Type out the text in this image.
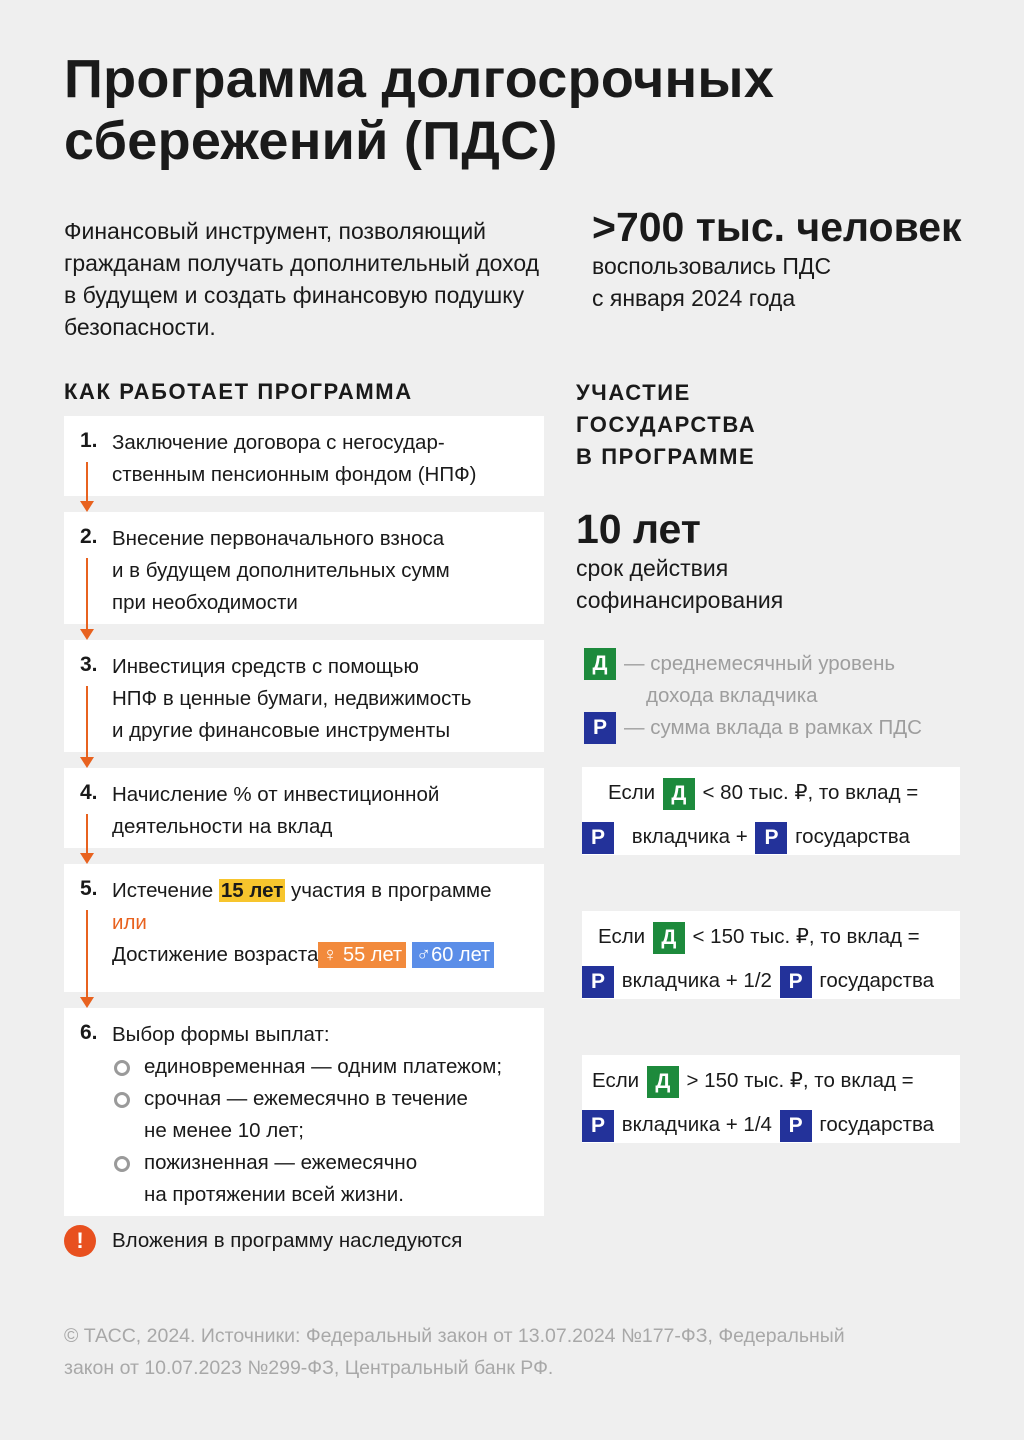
Программа долгосрочных
сбережений (ПДС)
Финансовый инструмент, позволяющий гражданам получать дополнительный доход в будущем и создать финансовую подушку безопасности.
>700 тыс. человек
воспользовались ПДС
с января 2024 года
КАК РАБОТАЕТ ПРОГРАММА
1. Заключение договора с негосудар-
ственным пенсионным фондом (НПФ)
2. Внесение первоначального взноса
и в будущем дополнительных сумм
при необходимости
3. Инвестиция средств с помощью
НПФ в ценные бумаги, недвижимость
и другие финансовые инструменты
4. Начисление % от инвестиционной
деятельности на вклад
5. Истечение 15 лет участия в программе
или
Достижение возраста ♀ 55 лет ♂60 лет
6. Выбор формы выплат:
единовременная — одним платежом;
срочная — ежемесячно в течение
не менее 10 лет;
пожизненная — ежемесячно
на протяжении всей жизни.
!	Вложения в программу наследуются
УЧАСТИЕ
ГОСУДАРСТВА
В ПРОГРАММЕ
10 лет
срок действия
софинансирования
Д — среднемесячный уровень
дохода вкладчика
Р — сумма вклада в рамках ПДС
Если Д < 80 тыс. ₽, то вклад =
Р вкладчика + Р государства
Если Д < 150 тыс. ₽, то вклад =
Р вкладчика + 1/2 Р государства
Если Д > 150 тыс. ₽, то вклад =
Р вкладчика + 1/4 Р государства
© ТАСС, 2024. Источники: Федеральный закон от 13.07.2024 №177-ФЗ, Федеральный
закон от 10.07.2023 №299-ФЗ, Центральный банк РФ.
